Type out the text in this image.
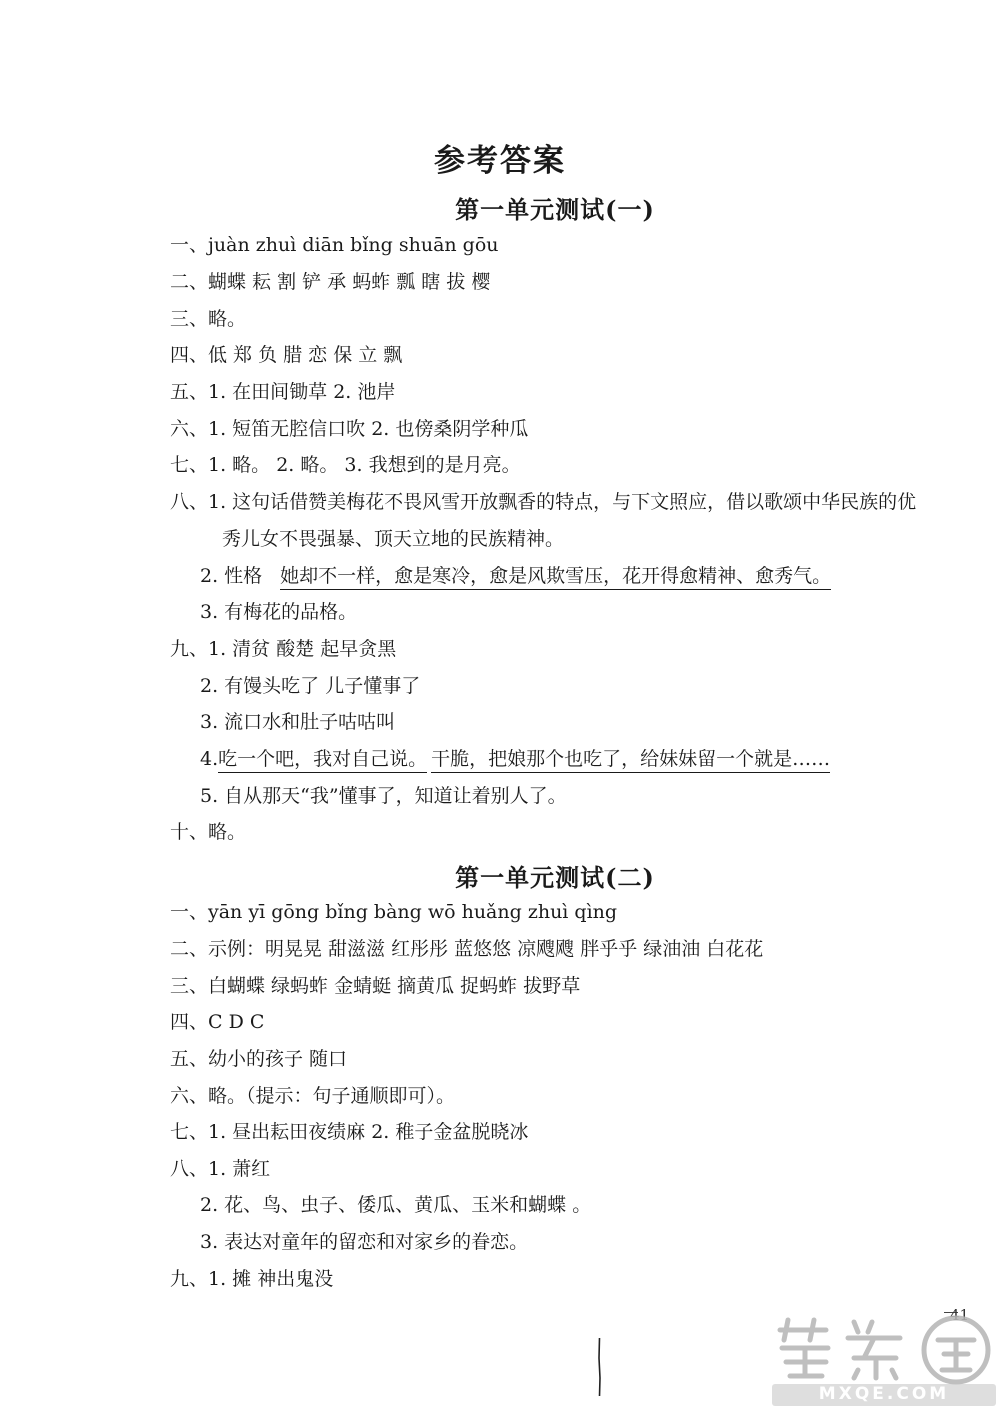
参考答案
第一单元测试(一)
一、juàn zhuì diān bǐng shuān gōu
二、蝴蝶 耘 割 铲 承 蚂蚱 瓢 瞎 拔 樱
三、略。
四、低 郑 负 腊 恋 保 立 飘
五、1. 在田间锄草 2. 池岸
六、1. 短笛无腔信口吹 2. 也傍桑阴学种瓜
七、1. 略。 2. 略。 3. 我想到的是月亮。
八、1. 这句话借赞美梅花不畏风雪开放飘香的特点，与下文照应，借以歌颂中华民族的优
秀儿女不畏强暴、顶天立地的民族精神。
2. 性格 她却不一样，愈是寒冷，愈是风欺雪压，花开得愈精神、愈秀气。
3. 有梅花的品格。
九、1. 清贫 酸楚 起早贪黑
2. 有馒头吃了 儿子懂事了
3. 流口水和肚子咕咕叫
4.吃一个吧，我对自己说。 干脆，把娘那个也吃了，给妹妹留一个就是……
5. 自从那天“我”懂事了，知道让着别人了。
十、略。
第一单元测试(二)
一、yān yī gōng bǐng bàng wō huǎng zhuì qìng
二、示例：明晃晃 甜滋滋 红彤彤 蓝悠悠 凉飕飕 胖乎乎 绿油油 白花花
三、白蝴蝶 绿蚂蚱 金蜻蜓 摘黄瓜 捉蚂蚱 拔野草
四、C D C
五、幼小的孩子 随口
六、略。（提示：句子通顺即可）。
七、1. 昼出耘田夜绩麻 2. 稚子金盆脱晓冰
八、1. 萧红
2. 花、鸟、虫子、倭瓜、黄瓜、玉米和蝴蝶 。
3. 表达对童年的留恋和对家乡的眷恋。
九、1. 摊 神出鬼没
41
MXQE.COM
